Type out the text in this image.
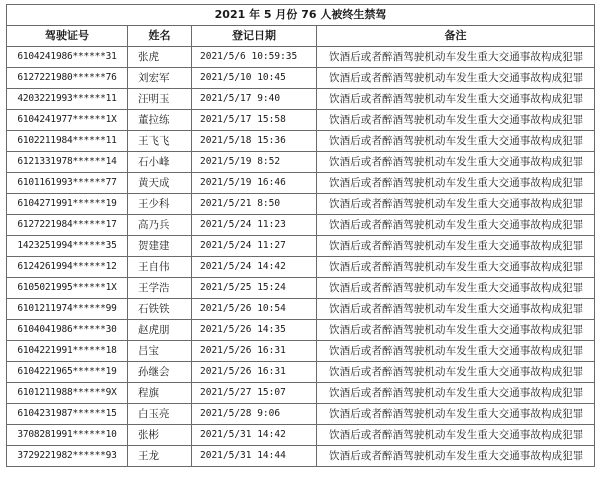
2021 年 5 月份 76 人被终生禁驾			
驾驶证号	姓名	登记日期	备注
6104241986******31	张虎	2021/5/6 10:59:35	饮酒后或者醉酒驾驶机动车发生重大交通事故构成犯罪
6127221980******76	刘宏军	2021/5/10 10:45	饮酒后或者醉酒驾驶机动车发生重大交通事故构成犯罪
4203221993******11	汪明玉	2021/5/17 9:40	饮酒后或者醉酒驾驶机动车发生重大交通事故构成犯罪
6104241977******1X	董拉练	2021/5/17 15:58	饮酒后或者醉酒驾驶机动车发生重大交通事故构成犯罪
6102211984******11	王飞飞	2021/5/18 15:36	饮酒后或者醉酒驾驶机动车发生重大交通事故构成犯罪
6121331978******14	石小峰	2021/5/19 8:52	饮酒后或者醉酒驾驶机动车发生重大交通事故构成犯罪
6101161993******77	黄天成	2021/5/19 16:46	饮酒后或者醉酒驾驶机动车发生重大交通事故构成犯罪
6104271991******19	王少科	2021/5/21 8:50	饮酒后或者醉酒驾驶机动车发生重大交通事故构成犯罪
6127221984******17	高乃兵	2021/5/24 11:23	饮酒后或者醉酒驾驶机动车发生重大交通事故构成犯罪
1423251994******35	贺建建	2021/5/24 11:27	饮酒后或者醉酒驾驶机动车发生重大交通事故构成犯罪
6124261994******12	王自伟	2021/5/24 14:42	饮酒后或者醉酒驾驶机动车发生重大交通事故构成犯罪
6105021995******1X	王学浩	2021/5/25 15:24	饮酒后或者醉酒驾驶机动车发生重大交通事故构成犯罪
6101211974******99	石铁铁	2021/5/26 10:54	饮酒后或者醉酒驾驶机动车发生重大交通事故构成犯罪
6104041986******30	赵虎朋	2021/5/26 14:35	饮酒后或者醉酒驾驶机动车发生重大交通事故构成犯罪
6104221991******18	吕宝	2021/5/26 16:31	饮酒后或者醉酒驾驶机动车发生重大交通事故构成犯罪
6104221965******19	孙继会	2021/5/26 16:31	饮酒后或者醉酒驾驶机动车发生重大交通事故构成犯罪
6101211988******9X	程旗	2021/5/27 15:07	饮酒后或者醉酒驾驶机动车发生重大交通事故构成犯罪
6104231987******15	白玉亮	2021/5/28 9:06	饮酒后或者醉酒驾驶机动车发生重大交通事故构成犯罪
3708281991******10	张彬	2021/5/31 14:42	饮酒后或者醉酒驾驶机动车发生重大交通事故构成犯罪
3729221982******93	王龙	2021/5/31 14:44	饮酒后或者醉酒驾驶机动车发生重大交通事故构成犯罪
